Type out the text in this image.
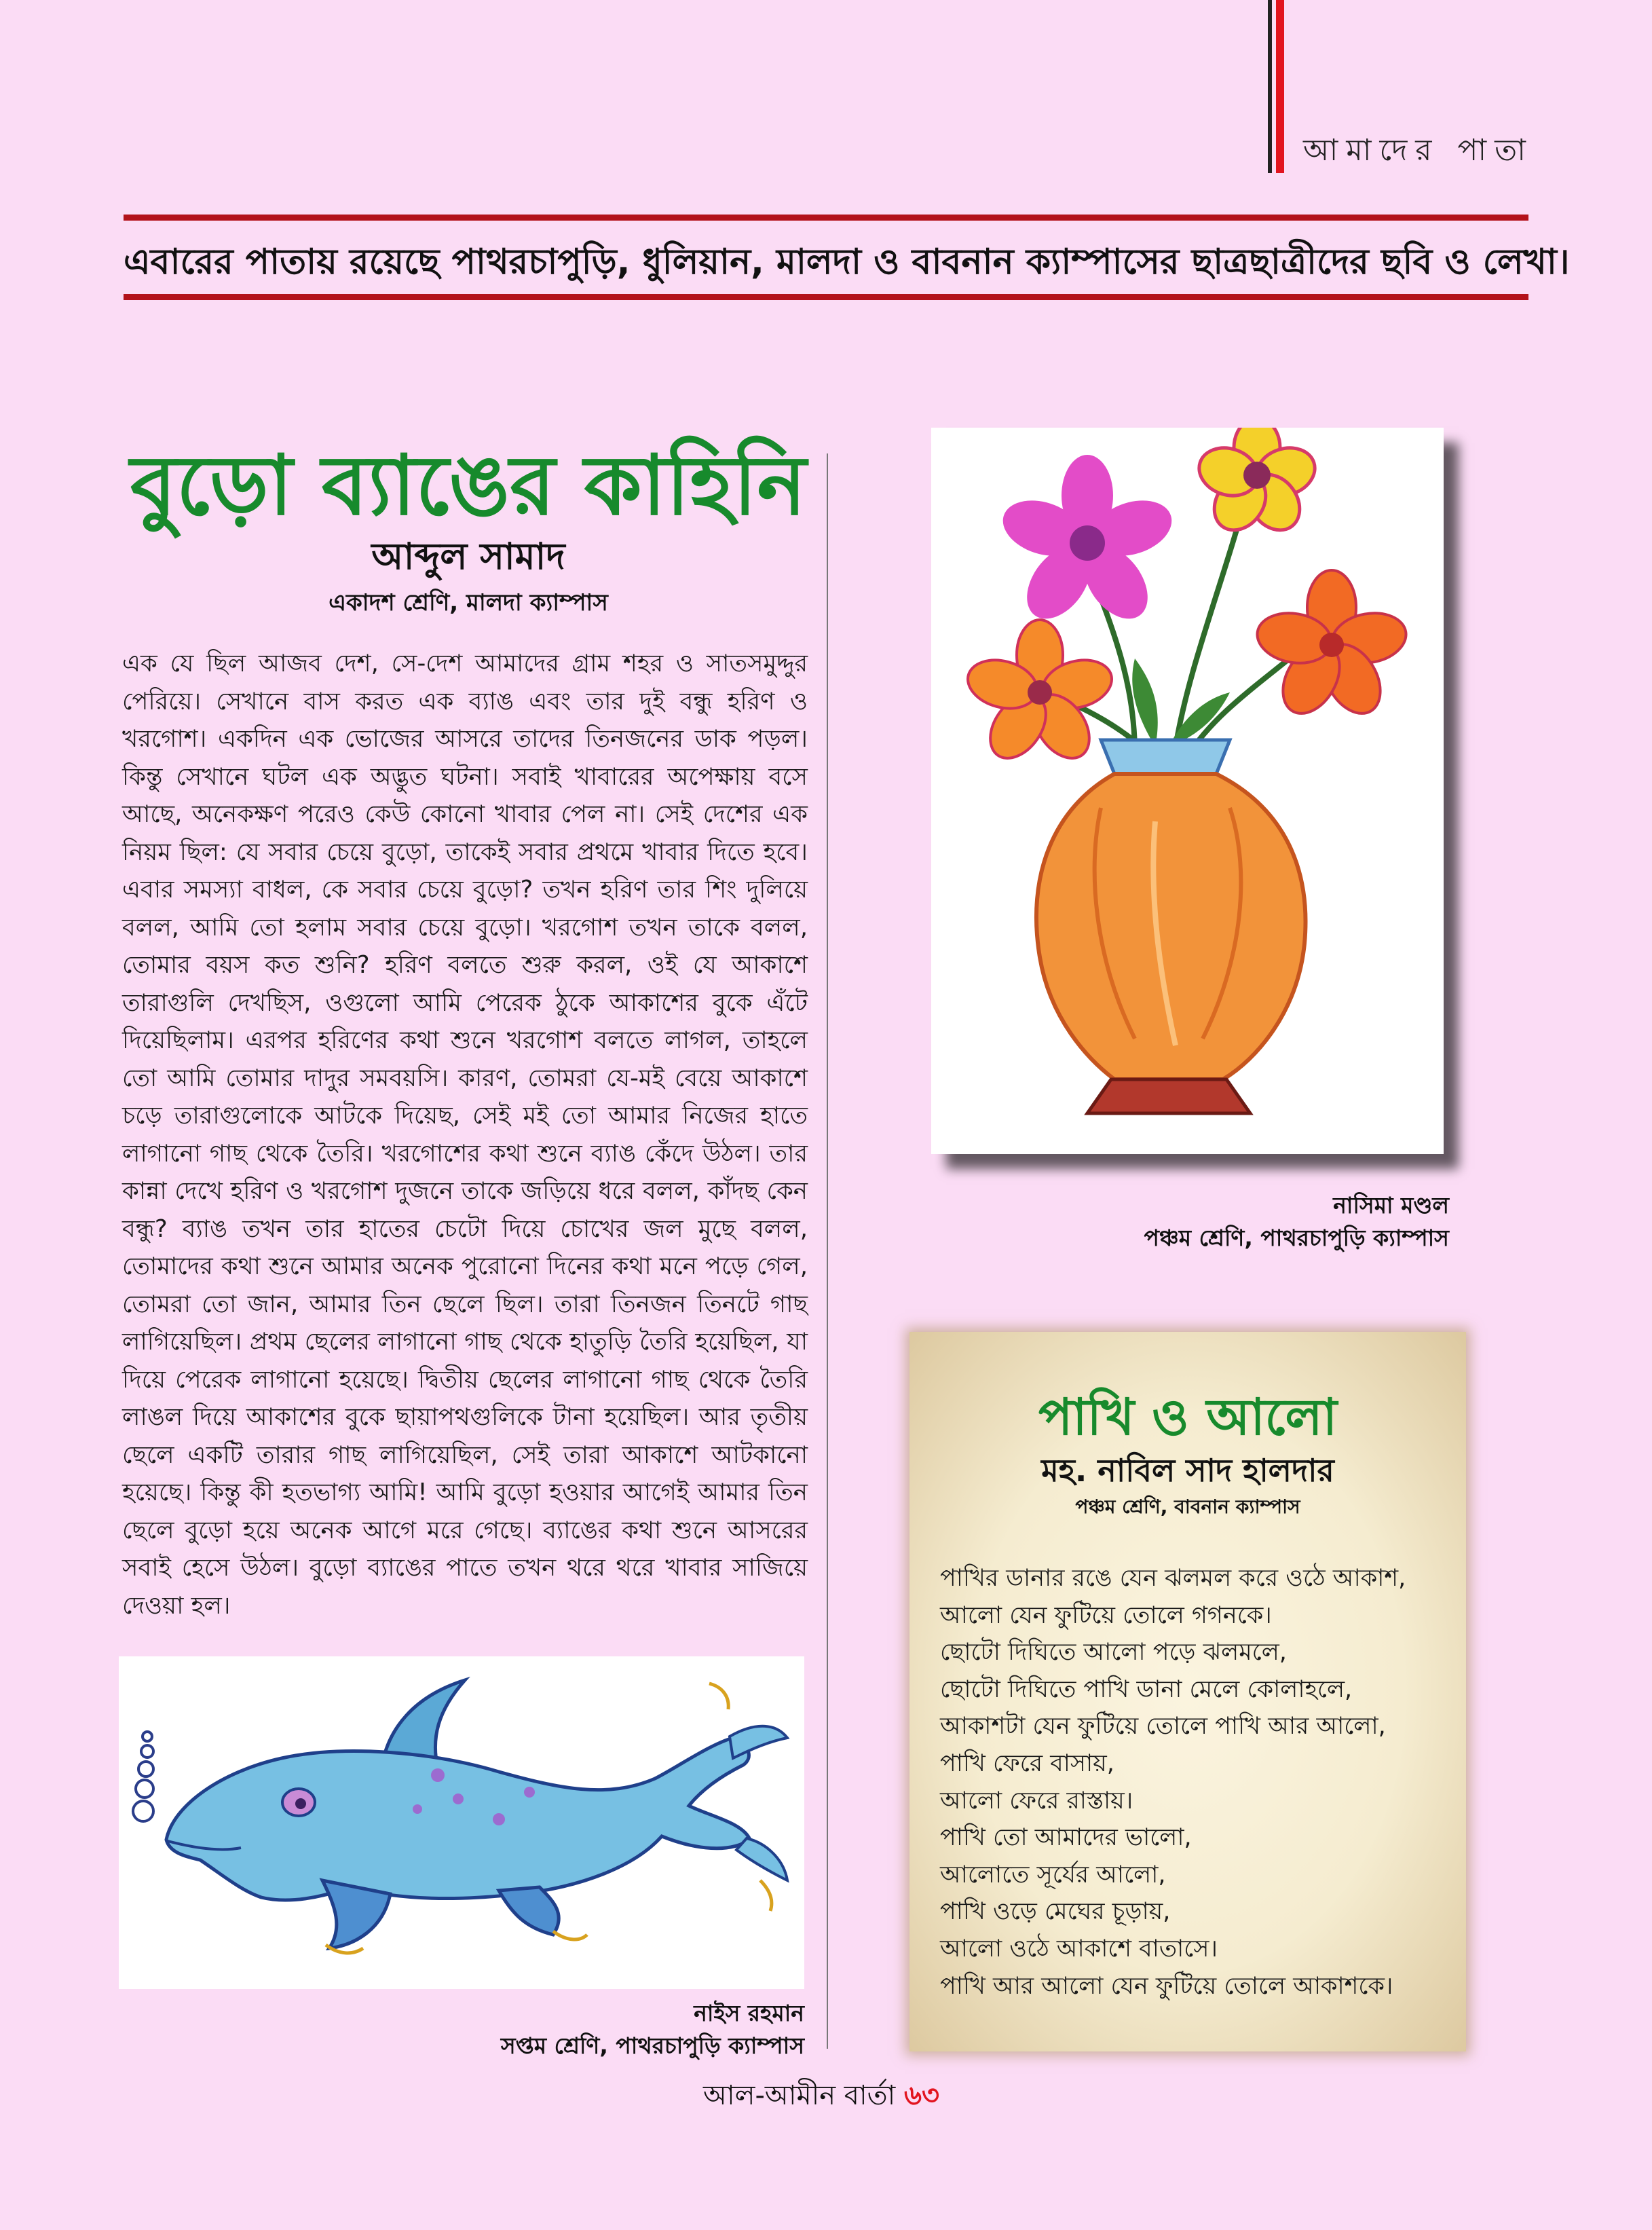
আমাদের পাতা
এবারের পাতায় রয়েছে পাথরচাপুড়ি, ধুলিয়ান, মালদা ও বাবনান ক্যাম্পাসের ছাত্রছাত্রীদের ছবি ও লেখা।
বুড়ো ব্যাঙের কাহিনি
আব্দুল সামাদ
একাদশ শ্রেণি, মালদা ক্যাম্পাস
এক যে ছিল আজব দেশ, সে-দেশ আমাদের গ্রাম শহর ও সাতসমুদ্দুর পেরিয়ে। সেখানে বাস করত এক ব্যাঙ এবং তার দুই বন্ধু হরিণ ও খরগোশ। একদিন এক ভোজের আসরে তাদের তিনজনের ডাক পড়ল। কিন্তু সেখানে ঘটল এক অদ্ভুত ঘটনা। সবাই খাবারের অপেক্ষায় বসে আছে, অনেকক্ষণ পরেও কেউ কোনো খাবার পেল না। সেই দেশের এক নিয়ম ছিল: যে সবার চেয়ে বুড়ো, তাকেই সবার প্রথমে খাবার দিতে হবে। এবার সমস্যা বাধল, কে সবার চেয়ে বুড়ো? তখন হরিণ তার শিং দুলিয়ে বলল, আমি তো হলাম সবার চেয়ে বুড়ো। খরগোশ তখন তাকে বলল, তোমার বয়স কত শুনি? হরিণ বলতে শুরু করল, ওই যে আকাশে তারাগুলি দেখছিস, ওগুলো আমি পেরেক ঠুকে আকাশের বুকে এঁটে দিয়েছিলাম। এরপর হরিণের কথা শুনে খরগোশ বলতে লাগল, তাহলে তো আমি তোমার দাদুর সমবয়সি। কারণ, তোমরা যে-মই বেয়ে আকাশে চড়ে তারাগুলোকে আটকে দিয়েছ, সেই মই তো আমার নিজের হাতে লাগানো গাছ থেকে তৈরি। খরগোশের কথা শুনে ব্যাঙ কেঁদে উঠল। তার কান্না দেখে হরিণ ও খরগোশ দুজনে তাকে জড়িয়ে ধরে বলল, কাঁদছ কেন বন্ধু? ব্যাঙ তখন তার হাতের চেটো দিয়ে চোখের জল মুছে বলল, তোমাদের কথা শুনে আমার অনেক পুরোনো দিনের কথা মনে পড়ে গেল, তোমরা তো জান, আমার তিন ছেলে ছিল। তারা তিনজন তিনটে গাছ লাগিয়েছিল। প্রথম ছেলের লাগানো গাছ থেকে হাতুড়ি তৈরি হয়েছিল, যা দিয়ে পেরেক লাগানো হয়েছে। দ্বিতীয় ছেলের লাগানো গাছ থেকে তৈরি লাঙল দিয়ে আকাশের বুকে ছায়াপথগুলিকে টানা হয়েছিল। আর তৃতীয় ছেলে একটি তারার গাছ লাগিয়েছিল, সেই তারা আকাশে আটকানো হয়েছে। কিন্তু কী হতভাগ্য আমি! আমি বুড়ো হওয়ার আগেই আমার তিন ছেলে বুড়ো হয়ে অনেক আগে মরে গেছে। ব্যাঙের কথা শুনে আসরের সবাই হেসে উঠল। বুড়ো ব্যাঙের পাতে তখন থরে থরে খাবার সাজিয়ে দেওয়া হল।
নাইস রহমান
সপ্তম শ্রেণি, পাথরচাপুড়ি ক্যাম্পাস
নাসিমা মণ্ডল
পঞ্চম শ্রেণি, পাথরচাপুড়ি ক্যাম্পাস
পাখি ও আলো
মহ. নাবিল সাদ হালদার
পঞ্চম শ্রেণি, বাবনান ক্যাম্পাস
পাখির ডানার রঙে যেন ঝলমল করে ওঠে আকাশ,
আলো যেন ফুটিয়ে তোলে গগনকে।
ছোটো দিঘিতে আলো পড়ে ঝলমলে,
ছোটো দিঘিতে পাখি ডানা মেলে কোলাহলে,
আকাশটা যেন ফুটিয়ে তোলে পাখি আর আলো,
পাখি ফেরে বাসায়,
আলো ফেরে রাস্তায়।
পাখি তো আমাদের ভালো,
আলোতে সূর্যের আলো,
পাখি ওড়ে মেঘের চূড়ায়,
আলো ওঠে আকাশে বাতাসে।
পাখি আর আলো যেন ফুটিয়ে তোলে আকাশকে।
আল-আমীন বার্তা ৬৩
